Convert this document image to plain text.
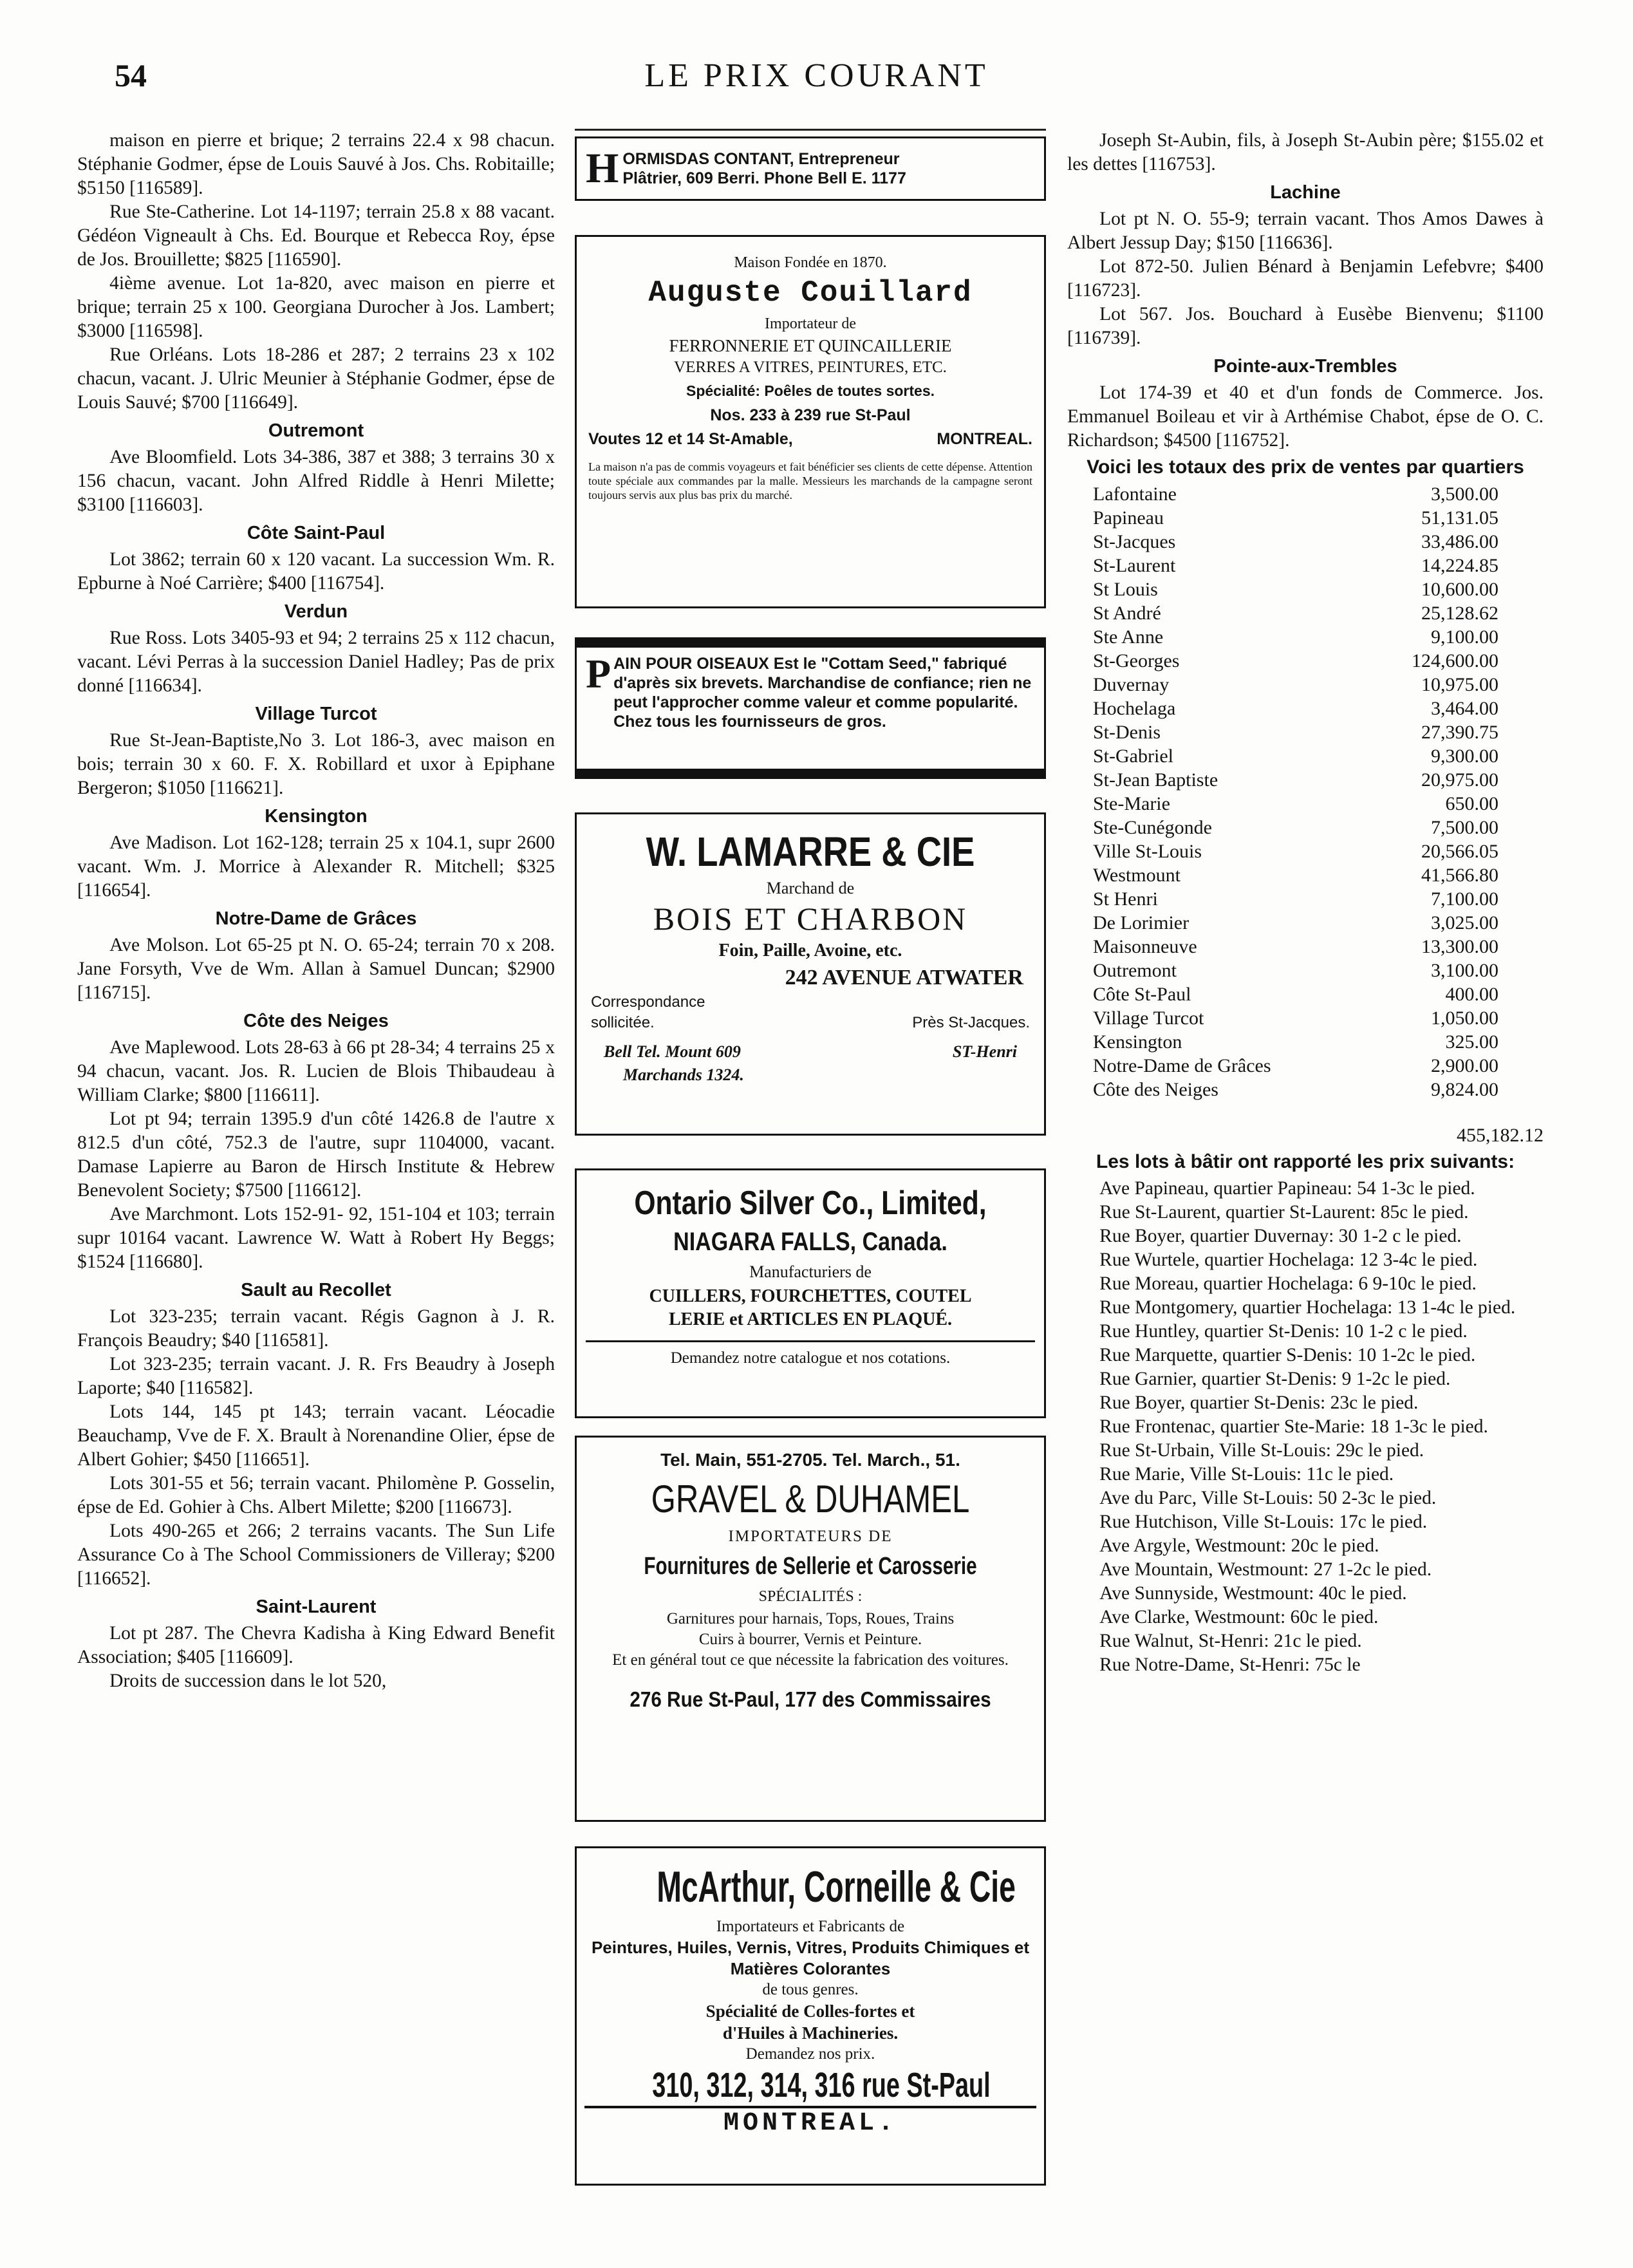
LE PRIX COURANT
54

maison en pierre et brique; 2 terrains 22.4 x 98 chacun. Stéphanie Godmer, épse de Louis Sauvé à Jos. Chs. Robitaille; $5150 [116589].

Rue Ste-Catherine. Lot 14-1197; terrain 25.8 x 88 vacant. Gédéon Vigneault à Chs. Ed. Bourque et Rebecca Roy, épse de Jos. Brouillette; $825 [116590].

4ième avenue. Lot 1a-820, avec maison en pierre et brique; terrain 25 x 100. Georgiana Durocher à Jos. Lambert; $3000 [116598].

Rue Orléans. Lots 18-286 et 287; 2 terrains 23 x 102 chacun, vacant. J. Ulric Meunier à Stéphanie Godmer, épse de Louis Sauvé; $700 [116649].

Outremont

Ave Bloomfield. Lots 34-386, 387 et 388; 3 terrains 30 x 156 chacun, vacant. John Alfred Riddle à Henri Milette; $3100 [116603].

Côte Saint-Paul

Lot 3862; terrain 60 x 120 vacant. La succession Wm. R. Epburne à Noé Carrière; $400 [116754].

Verdun

Rue Ross. Lots 3405-93 et 94; 2 terrains 25 x 112 chacun, vacant. Lévi Perras à la succession Daniel Hadley; Pas de prix donné [116634].

Village Turcot

Rue St-Jean-Baptiste,No 3. Lot 186-3, avec maison en bois; terrain 30 x 60. F. X. Robillard et uxor à Epiphane Bergeron; $1050 [116621].

Kensington

Ave Madison. Lot 162-128; terrain 25 x 104.1, supr 2600 vacant. Wm. J. Morrice à Alexander R. Mitchell; $325 [116654].

Notre-Dame de Grâces

Ave Molson. Lot 65-25 pt N. O. 65-24; terrain 70 x 208. Jane Forsyth, Vve de Wm. Allan à Samuel Duncan; $2900 [116715].

Côte des Neiges

Ave Maplewood. Lots 28-63 à 66 pt 28-34; 4 terrains 25 x 94 chacun, vacant. Jos. R. Lucien de Blois Thibaudeau à William Clarke; $800 [116611].

Lot pt 94; terrain 1395.9 d'un côté 1426.8 de l'autre x 812.5 d'un côté, 752.3 de l'autre, supr 1104000, vacant. Damase Lapierre au Baron de Hirsch Institute & Hebrew Benevolent Society; $7500 [116612].

Ave Marchmont. Lots 152-91- 92, 151-104 et 103; terrain supr 10164 vacant. Lawrence W. Watt à Robert Hy Beggs; $1524 [116680].

Sault au Recollet

Lot 323-235; terrain vacant. Régis Gagnon à J. R. François Beaudry; $40 [116581].

Lot 323-235; terrain vacant. J. R. Frs Beaudry à Joseph Laporte; $40 [116582].

Lots 144, 145 pt 143; terrain vacant. Léocadie Beauchamp, Vve de F. X. Brault à Norenandine Olier, épse de Albert Gohier; $450 [116651].

Lots 301-55 et 56; terrain vacant. Philomène P. Gosselin, épse de Ed. Gohier à Chs. Albert Milette; $200 [116673].

Lots 490-265 et 266; 2 terrains vacants. The Sun Life Assurance Co à The School Commissioners de Villeray; $200 [116652].

Saint-Laurent

Lot pt 287. The Chevra Kadisha à King Edward Benefit Association; $405 [116609].

Droits de succession dans le lot 520,

Joseph St-Aubin, fils, à Joseph St-Aubin père; $155.02 et les dettes [116753].

Lachine

Lot pt N. O. 55-9; terrain vacant. Thos Amos Dawes à Albert Jessup Day; $150 [116636].

Lot 872-50. Julien Bénard à Benjamin Lefebvre; $400 [116723].

Lot 567. Jos. Bouchard à Eusèbe Bienvenu; $1100 [116739].

Pointe-aux-Trembles

Lot 174-39 et 40 et d'un fonds de Commerce. Jos. Emmanuel Boileau et vir à Arthémise Chabot, épse de O. C. Richardson; $4500 [116752].

Voici les totaux des prix de ventes par quartiers
Lafontaine	3,500.00
Papineau	51,131.05
St-Jacques	33,486.00
St-Laurent	14,224.85
St Louis	10,600.00
St André	25,128.62
Ste Anne	9,100.00
St-Georges	124,600.00
Duvernay	10,975.00
Hochelaga	3,464.00
St-Denis	27,390.75
St-Gabriel	9,300.00
St-Jean Baptiste	20,975.00
Ste-Marie	650.00
Ste-Cunégonde	7,500.00
Ville St-Louis	20,566.05
Westmount	41,566.80
St Henri	7,100.00
De Lorimier	3,025.00
Maisonneuve	13,300.00
Outremont	3,100.00
Côte St-Paul	400.00
Village Turcot	1,050.00
Kensington	325.00
Notre-Dame de Grâces	2,900.00
Côte des Neiges	9,824.00
455,182.12
Les lots à bâtir ont rapporté les prix suivants:

Ave Papineau, quartier Papineau: 54 1-3c le pied.

Rue St-Laurent, quartier St-Laurent: 85c le pied.

Rue Boyer, quartier Duvernay: 30 1-2 c le pied.

Rue Wurtele, quartier Hochelaga: 12 3-4c le pied.

Rue Moreau, quartier Hochelaga: 6 9-10c le pied.

Rue Montgomery, quartier Hochelaga: 13 1-4c le pied.

Rue Huntley, quartier St-Denis: 10 1-2 c le pied.

Rue Marquette, quartier S-Denis: 10 1-2c le pied.

Rue Garnier, quartier St-Denis: 9 1-2c le pied.

Rue Boyer, quartier St-Denis: 23c le pied.

Rue Frontenac, quartier Ste-Marie: 18 1-3c le pied.

Rue St-Urbain, Ville St-Louis: 29c le pied.

Rue Marie, Ville St-Louis: 11c le pied.

Ave du Parc, Ville St-Louis: 50 2-3c le pied.

Rue Hutchison, Ville St-Louis: 17c le pied.

Ave Argyle, Westmount: 20c le pied.

Ave Mountain, Westmount: 27 1-2c le pied.

Ave Sunnyside, Westmount: 40c le pied.

Ave Clarke, Westmount: 60c le pied.

Rue Walnut, St-Henri: 21c le pied.

Rue Notre-Dame, St-Henri: 75c le

H ORMISDAS CONTANT, Entrepreneur
Plâtrier, 609 Berri. Phone Bell E. 1177
Maison Fondée en 1870.
Auguste Couillard
Importateur de
FERRONNERIE ET QUINCAILLERIE
VERRES A VITRES, PEINTURES, ETC.
Spécialité: Poêles de toutes sortes.
Nos. 233 à 239 rue St-Paul
Voutes 12 et 14 St-Amable,	MONTREAL.
La maison n'a pas de commis voyageurs et fait bénéficier ses clients de cette dépense. Attention toute spéciale aux commandes par la malle. Messieurs les marchands de la campagne seront toujours servis aux plus bas prix du marché.
P AIN POUR OISEAUX Est le "Cottam Seed," fabriqué d'après six brevets. Marchandise de confiance; rien ne peut l'approcher comme valeur et comme popularité. Chez tous les fournisseurs de gros.
W. LAMARRE & CIE
Marchand de
BOIS ET CHARBON
Foin, Paille, Avoine, etc.
242 AVENUE ATWATER
Correspondance
sollicitée.	Près St-Jacques.
Bell Tel. Mount 609	ST-Henri
Marchands 1324.
Ontario Silver Co., Limited,
NIAGARA FALLS, Canada.
Manufacturiers de
CUILLERS, FOURCHETTES, COUTEL
LERIE et ARTICLES EN PLAQUÉ.
Demandez notre catalogue et nos cotations.
Tel. Main, 551-2705. Tel. March., 51.
GRAVEL & DUHAMEL
IMPORTATEURS DE
Fournitures de Sellerie et Carosserie
SPÉCIALITÉS :
Garnitures pour harnais, Tops, Roues, Trains
Cuirs à bourrer, Vernis et Peinture.
Et en général tout ce que nécessite la fabrication des voitures.
276 Rue St-Paul, 177 des Commissaires
McArthur, Corneille & Cie
Importateurs et Fabricants de
Peintures, Huiles, Vernis, Vitres, Produits Chimiques et Matières Colorantes
de tous genres.
Spécialité de Colles-fortes et
d'Huiles à Machineries.
Demandez nos prix.
310, 312, 314, 316 rue St-Paul
MONTREAL.
